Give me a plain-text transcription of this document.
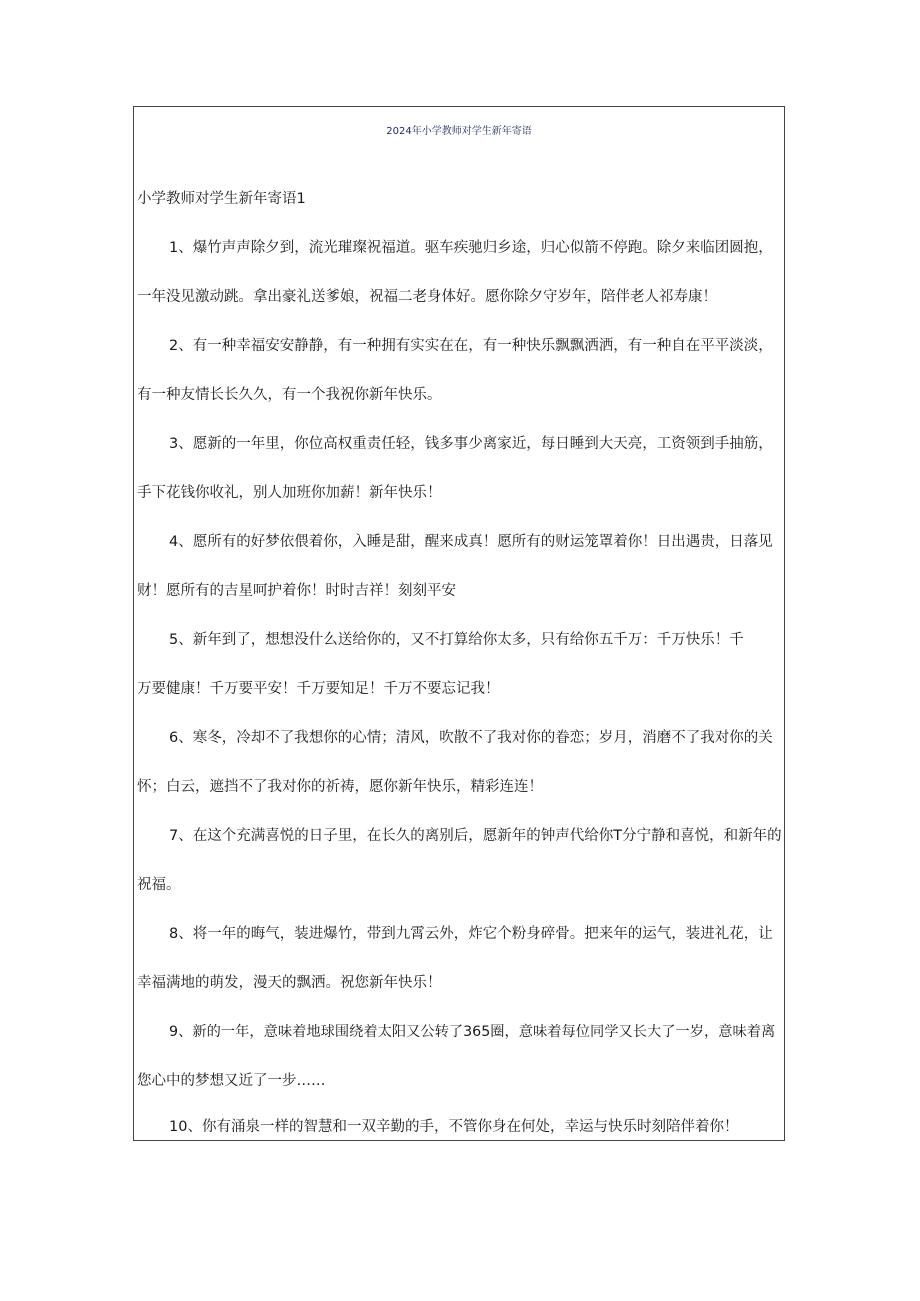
2024年小学教师对学生新年寄语
小学教师对学生新年寄语1
1、爆竹声声除夕到，流光璀璨祝福道。驱车疾驰归乡途，归心似箭不停跑。除夕来临团圆抱，
一年没见激动跳。拿出豪礼送爹娘，祝福二老身体好。愿你除夕守岁年，陪伴老人祁寿康！
2、有一种幸福安安静静，有一种拥有实实在在，有一种快乐飘飘洒洒，有一种自在平平淡淡，
有一种友情长长久久，有一个我祝你新年快乐。
3、愿新的一年里，你位高权重责任轻，钱多事少离家近，每日睡到大天亮，工资领到手抽筋，
手下花钱你收礼，别人加班你加薪！新年快乐！
4、愿所有的好梦依偎着你，入睡是甜，醒来成真！愿所有的财运笼罩着你！日出遇贵，日落见
财！愿所有的吉星呵护着你！时时吉祥！刻刻平安
5、新年到了，想想没什么送给你的，又不打算给你太多，只有给你五千万：千万快乐！千
万要健康！千万要平安！千万要知足！千万不要忘记我！
6、寒冬，冷却不了我想你的心情；清风，吹散不了我对你的眷恋；岁月，消磨不了我对你的关
怀；白云，遮挡不了我对你的祈祷，愿你新年快乐，精彩连连！
7、在这个充满喜悦的日子里，在长久的离别后，愿新年的钟声代给你T分宁静和喜悦，和新年的
祝福。
8、将一年的晦气，装进爆竹，带到九霄云外，炸它个粉身碎骨。把来年的运气，装进礼花，让
幸福满地的萌发，漫天的飘洒。祝您新年快乐！
9、新的一年，意味着地球围绕着太阳又公转了365圈，意味着每位同学又长大了一岁，意味着离
您心中的梦想又近了一步……
10、你有涌泉一样的智慧和一双辛勤的手，不管你身在何处，幸运与快乐时刻陪伴着你！
